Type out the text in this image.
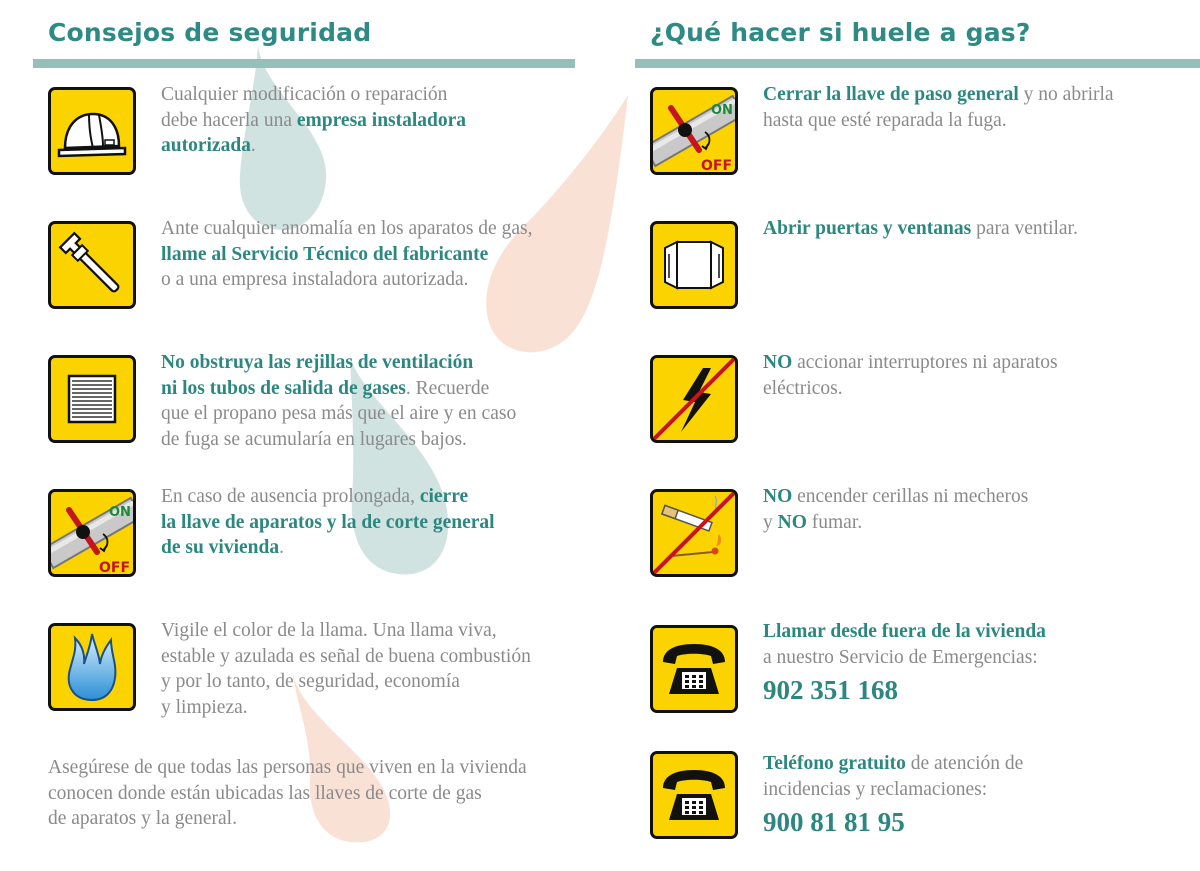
Consejos de seguridad
Cualquier modificación o reparación
debe hacerla una empresa instaladora
autorizada.
Ante cualquier anomalía en los aparatos de gas,
llame al Servicio Técnico del fabricante
o a una empresa instaladora autorizada.
No obstruya las rejillas de ventilación
ni los tubos de salida de gases. Recuerde
que el propano pesa más que el aire y en caso
de fuga se acumularía en lugares bajos.
ON
OFF
En caso de ausencia prolongada, cierre
la llave de aparatos y la de corte general
de su vivienda.
Vigile el color de la llama. Una llama viva,
estable y azulada es señal de buena combustión
y por lo tanto, de seguridad, economía
y limpieza.
Asegúrese de que todas las personas que viven en la vivienda
conocen donde están ubicadas las llaves de corte de gas
de aparatos y la general.
¿Qué hacer si huele a gas?
ON
OFF
Cerrar la llave de paso general y no abrirla
hasta que esté reparada la fuga.
Abrir puertas y ventanas para ventilar.
NO accionar interruptores ni aparatos
eléctricos.
NO encender cerillas ni mecheros
y NO fumar.
Llamar desde fuera de la vivienda
a nuestro Servicio de Emergencias:
902 351 168
Teléfono gratuito de atención de
incidencias y reclamaciones:
900 81 81 95
